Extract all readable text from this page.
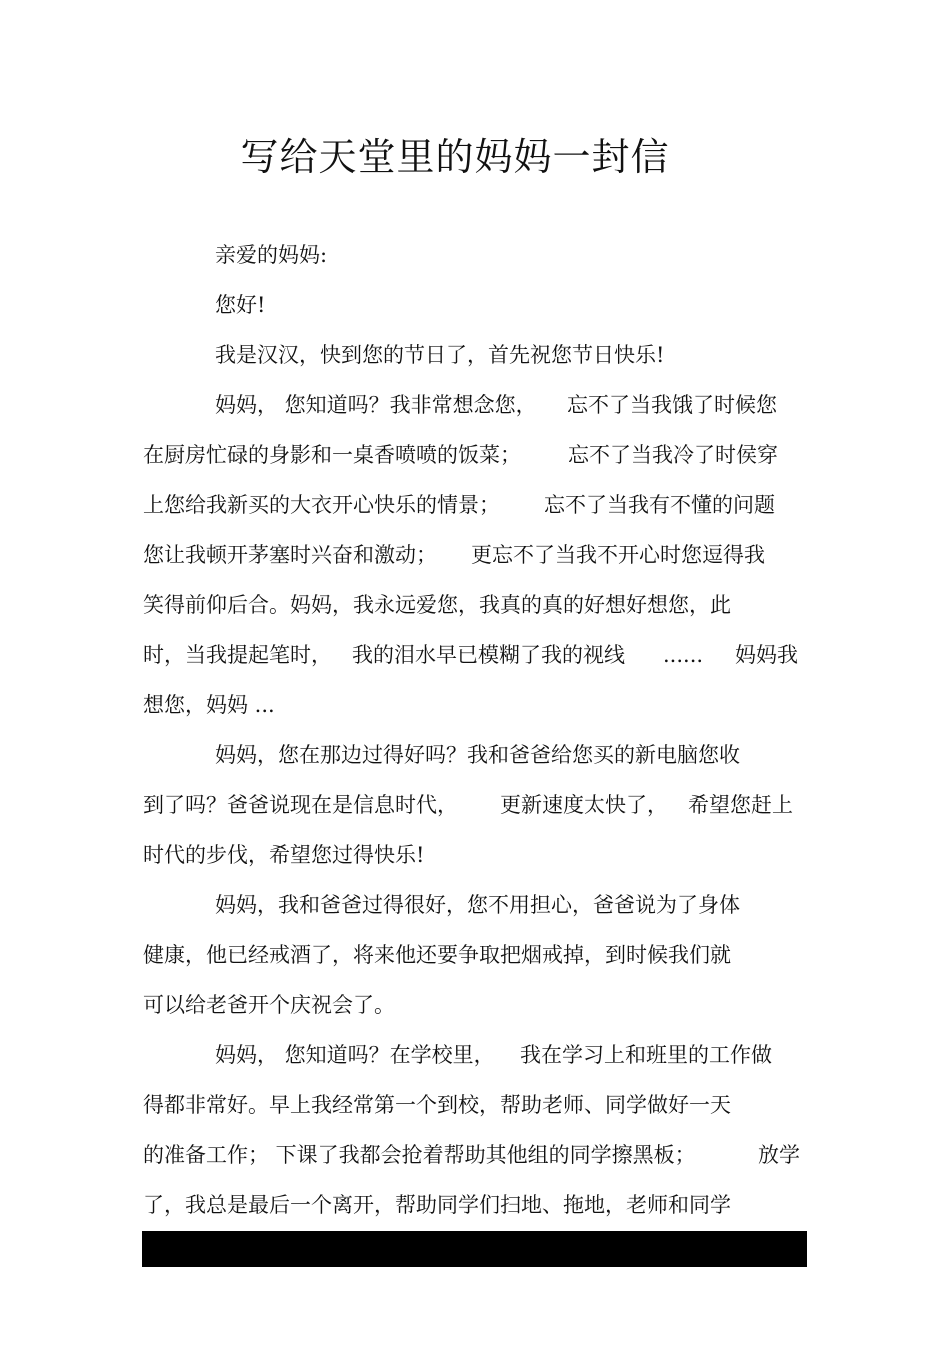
写给天堂里的妈妈一封信
亲爱的妈妈:
您好!
我是汉汉，快到您的节日了，首先祝您节日快乐!
妈妈， 您知道吗？我非常想念您， 忘不了当我饿了时候您
在厨房忙碌的身影和一桌香喷喷的饭菜； 忘不了当我冷了时侯穿
上您给我新买的大衣开心快乐的情景； 忘不了当我有不懂的问题
您让我顿开茅塞时兴奋和激动； 更忘不了当我不开心时您逗得我
笑得前仰后合。妈妈，我永远爱您，我真的真的好想好想您，此
时，当我提起笔时， 我的泪水早已模糊了我的视线 ...... 妈妈我
想您，妈妈 ...
妈妈，您在那边过得好吗？我和爸爸给您买的新电脑您收
到了吗？爸爸说现在是信息时代， 更新速度太快了， 希望您赶上
时代的步伐，希望您过得快乐!
妈妈，我和爸爸过得很好，您不用担心，爸爸说为了身体
健康，他已经戒酒了，将来他还要争取把烟戒掉，到时候我们就
可以给老爸开个庆祝会了。
妈妈， 您知道吗？在学校里， 我在学习上和班里的工作做
得都非常好。早上我经常第一个到校，帮助老师、同学做好一天
的准备工作； 下课了我都会抢着帮助其他组的同学擦黑板；	放学
了，我总是最后一个离开，帮助同学们扫地、拖地，老师和同学
